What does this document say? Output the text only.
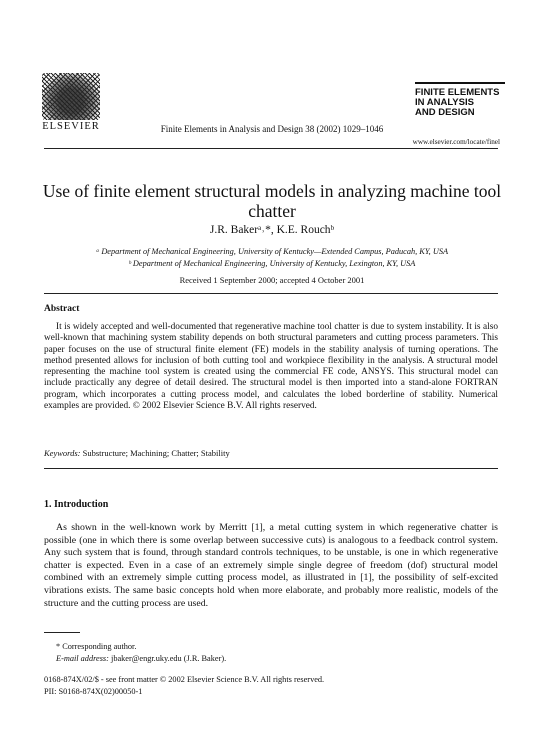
ELSEVIER	Finite Elements in Analysis and Design 38 (2002) 1029–1046
FINITE ELEMENTS
IN ANALYSIS
AND DESIGN
www.elsevier.com/locate/finel
Use of finite element structural models in analyzing machine tool chatter
J.R. Bakerᵃ˒*, K.E. Rouchᵇ
ᵃ Department of Mechanical Engineering, University of Kentucky—Extended Campus, Paducah, KY, USA
ᵇ Department of Mechanical Engineering, University of Kentucky, Lexington, KY, USA
Received 1 September 2000; accepted 4 October 2001
Abstract

It is widely accepted and well-documented that regenerative machine tool chatter is due to system instability. It is also well-known that machining system stability depends on both structural parameters and cutting process parameters. This paper focuses on the use of structural finite element (FE) models in the stability analysis of turning operations. The method presented allows for inclusion of both cutting tool and workpiece flexibility in the analysis. A structural model representing the machine tool system is created using the commercial FE code, ANSYS. This structural model can include practically any degree of detail desired. The structural model is then imported into a stand-alone FORTRAN program, which incorporates a cutting process model, and calculates the lobed borderline of stability. Numerical examples are provided. © 2002 Elsevier Science B.V. All rights reserved.

Keywords: Substructure; Machining; Chatter; Stability
1. Introduction

As shown in the well-known work by Merritt [1], a metal cutting system in which regenerative chatter is possible (one in which there is some overlap between successive cuts) is analogous to a feedback control system. Any such system that is found, through standard controls techniques, to be unstable, is one in which regenerative chatter is expected. Even in a case of an extremely simple single degree of freedom (dof) structural model combined with an extremely simple cutting process model, as illustrated in [1], the possibility of self-excited vibrations exists. The same basic concepts hold when more elaborate, and probably more realistic, models of the structure and the cutting process are used.

* Corresponding author.
E-mail address: jbaker@engr.uky.edu (J.R. Baker).
0168-874X/02/$ - see front matter © 2002 Elsevier Science B.V. All rights reserved.
PII: S0168-874X(02)00050-1
